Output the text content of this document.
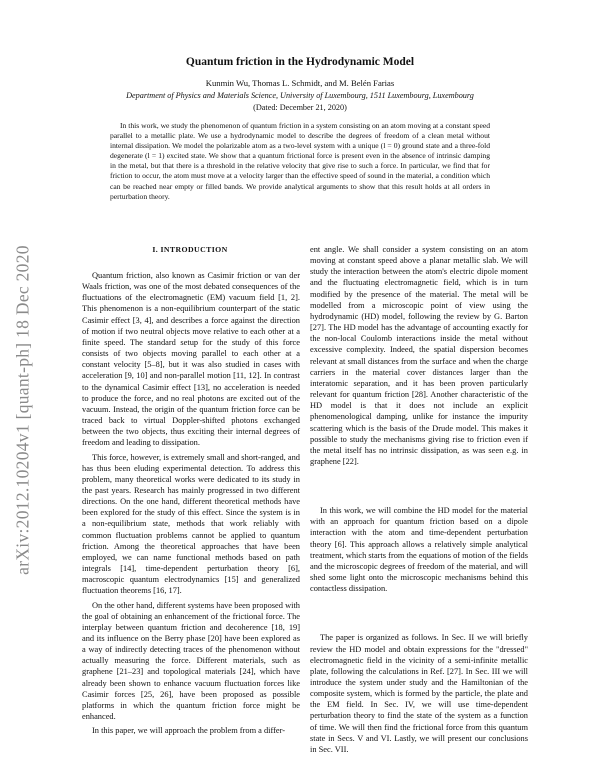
arXiv:2012.10204v1 [quant-ph] 18 Dec 2020
Quantum friction in the Hydrodynamic Model
Kunmin Wu, Thomas L. Schmidt, and M. Belén Farias
Department of Physics and Materials Science, University of Luxembourg, 1511 Luxembourg, Luxembourg
(Dated: December 21, 2020)

In this work, we study the phenomenon of quantum friction in a system consisting on an atom moving at a constant speed parallel to a metallic plate. We use a hydrodynamic model to describe the degrees of freedom of a clean metal without internal dissipation. We model the polarizable atom as a two-level system with a unique (l = 0) ground state and a three-fold degenerate (l = 1) excited state. We show that a quantum frictional force is present even in the absence of intrinsic damping in the metal, but that there is a threshold in the relative velocity that give rise to such a force. In particular, we find that for friction to occur, the atom must move at a velocity larger than the effective speed of sound in the material, a condition which can be reached near empty or filled bands. We provide analytical arguments to show that this result holds at all orders in perturbation theory.

I. INTRODUCTION

Quantum friction, also known as Casimir friction or van der Waals friction, was one of the most debated consequences of the fluctuations of the electromagnetic (EM) vacuum field [1, 2]. This phenomenon is a non-equilibrium counterpart of the static Casimir effect [3, 4], and describes a force against the direction of motion if two neutral objects move relative to each other at a finite speed. The standard setup for the study of this force consists of two objects moving parallel to each other at a constant velocity [5–8], but it was also studied in cases with acceleration [9, 10] and non-parallel motion [11, 12]. In contrast to the dynamical Casimir effect [13], no acceleration is needed to produce the force, and no real photons are excited out of the vacuum. Instead, the origin of the quantum friction force can be traced back to virtual Doppler-shifted photons exchanged between the two objects, thus exciting their internal degrees of freedom and leading to dissipation.

This force, however, is extremely small and short-ranged, and has thus been eluding experimental detection. To address this problem, many theoretical works were dedicated to its study in the past years. Research has mainly progressed in two different directions. On the one hand, different theoretical methods have been explored for the study of this effect. Since the system is in a non-equilibrium state, methods that work reliably with common fluctuation problems cannot be applied to quantum friction. Among the theoretical approaches that have been employed, we can name functional methods based on path integrals [14], time-dependent perturbation theory [6], macroscopic quantum electrodynamics [15] and generalized fluctuation theorems [16, 17].

On the other hand, different systems have been proposed with the goal of obtaining an enhancement of the frictional force. The interplay between quantum friction and decoherence [18, 19] and its influence on the Berry phase [20] have been explored as a way of indirectly detecting traces of the phenomenon without actually measuring the force. Different materials, such as graphene [21–23] and topological materials [24], which have already been shown to enhance vacuum fluctuation forces like Casimir forces [25, 26], have been proposed as possible platforms in which the quantum friction force might be enhanced.

In this paper, we will approach the problem from a differ-

ent angle. We shall consider a system consisting on an atom moving at constant speed above a planar metallic slab. We will study the interaction between the atom's electric dipole moment and the fluctuating electromagnetic field, which is in turn modified by the presence of the material. The metal will be modelled from a microscopic point of view using the hydrodynamic (HD) model, following the review by G. Barton [27]. The HD model has the advantage of accounting exactly for the non-local Coulomb interactions inside the metal without excessive complexity. Indeed, the spatial dispersion becomes relevant at small distances from the surface and when the charge carriers in the material cover distances larger than the interatomic separation, and it has been proven particularly relevant for quantum friction [28]. Another characteristic of the HD model is that it does not include an explicit phenomenological damping, unlike for instance the impurity scattering which is the basis of the Drude model. This makes it possible to study the mechanisms giving rise to friction even if the metal itself has no intrinsic dissipation, as was seen e.g. in graphene [22].

In this work, we will combine the HD model for the material with an approach for quantum friction based on a dipole interaction with the atom and time-dependent perturbation theory [6]. This approach allows a relatively simple analytical treatment, which starts from the equations of motion of the fields and the microscopic degrees of freedom of the material, and will shed some light onto the microscopic mechanisms behind this contactless dissipation.

The paper is organized as follows. In Sec. II we will briefly review the HD model and obtain expressions for the "dressed" electromagnetic field in the vicinity of a semi-infinite metallic plate, following the calculations in Ref. [27]. In Sec. III we will introduce the system under study and the Hamiltonian of the composite system, which is formed by the particle, the plate and the EM field. In Sec. IV, we will use time-dependent perturbation theory to find the state of the system as a function of time. We will then find the frictional force from this quantum state in Secs. V and VI. Lastly, we will present our conclusions in Sec. VII.
